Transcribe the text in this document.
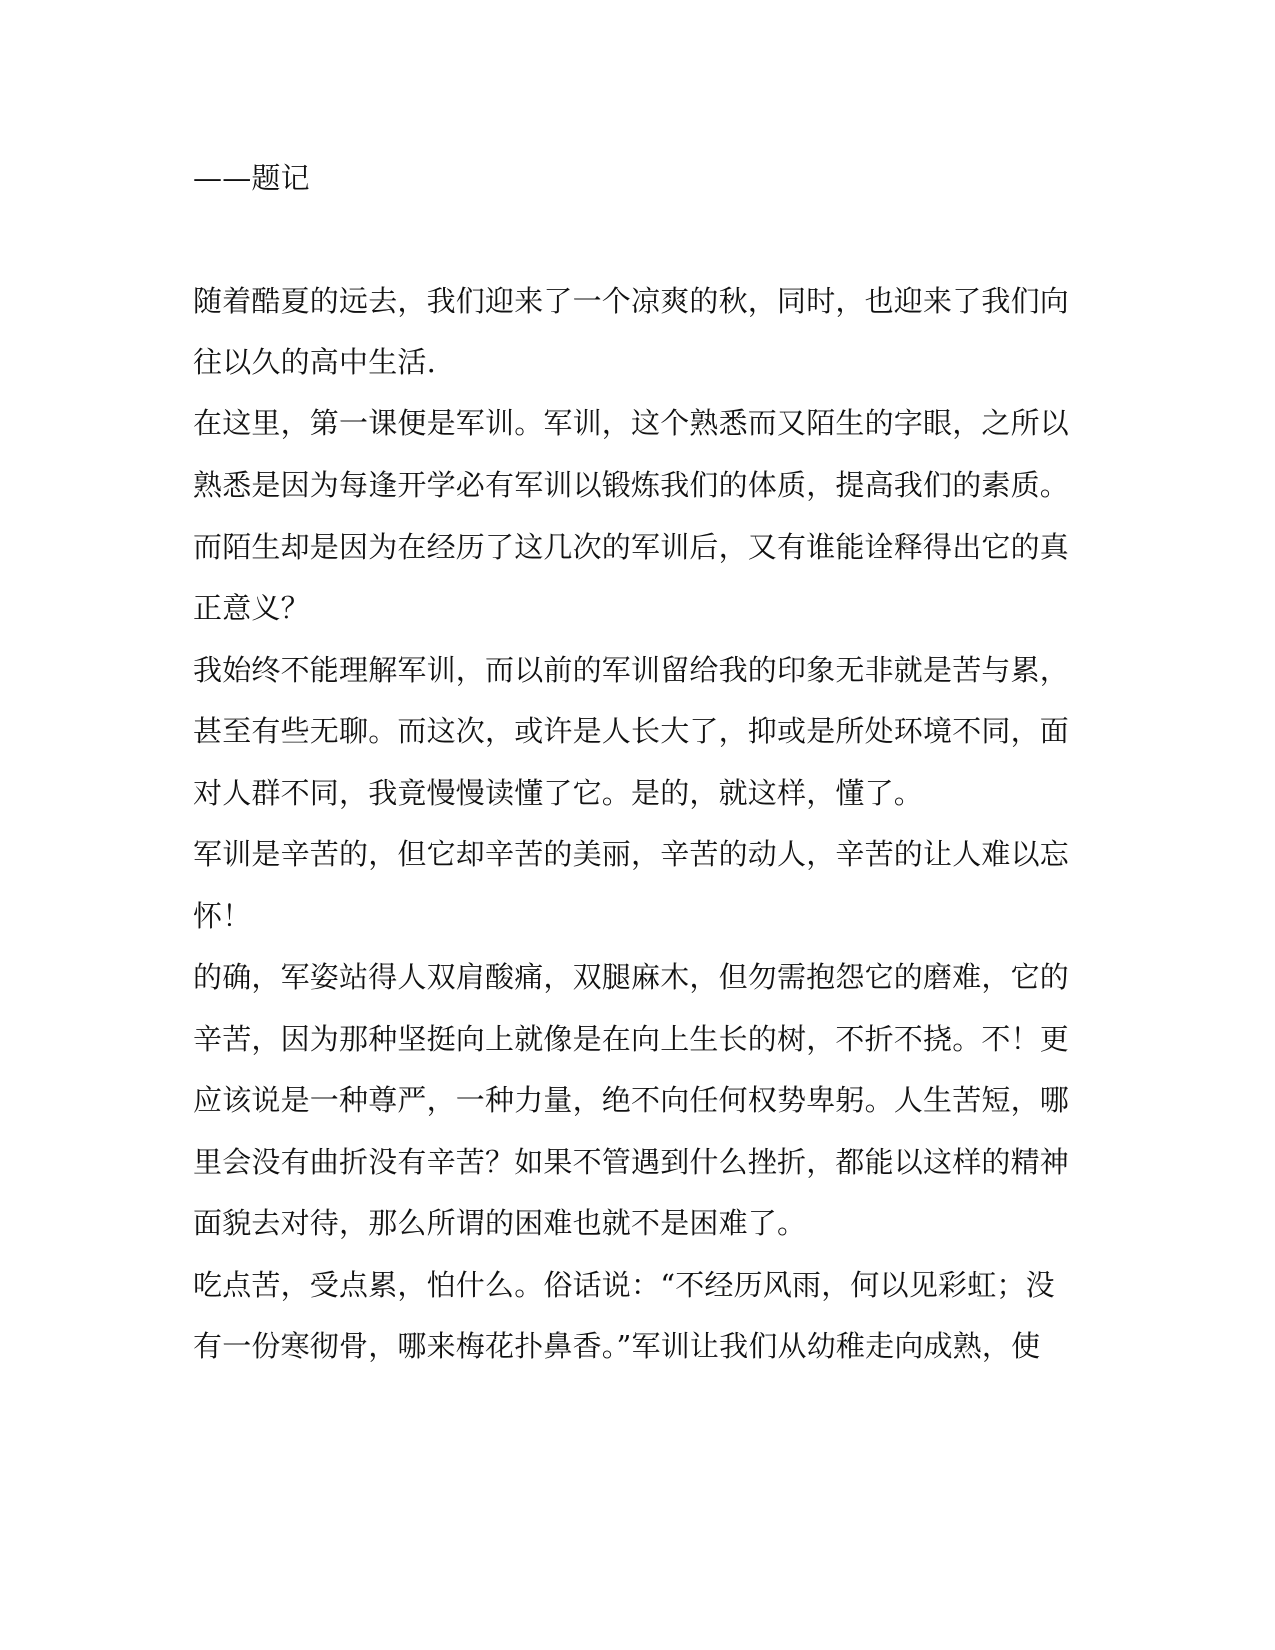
——题记
随着酷夏的远去，我们迎来了一个凉爽的秋，同时，也迎来了我们向
往以久的高中生活.
在这里，第一课便是军训。军训，这个熟悉而又陌生的字眼，之所以
熟悉是因为每逢开学必有军训以锻炼我们的体质，提高我们的素质。
而陌生却是因为在经历了这几次的军训后，又有谁能诠释得出它的真
正意义？
我始终不能理解军训，而以前的军训留给我的印象无非就是苦与累，
甚至有些无聊。而这次，或许是人长大了，抑或是所处环境不同，面
对人群不同，我竟慢慢读懂了它。是的，就这样，懂了。
军训是辛苦的，但它却辛苦的美丽，辛苦的动人，辛苦的让人难以忘
怀！
的确，军姿站得人双肩酸痛，双腿麻木，但勿需抱怨它的磨难，它的
辛苦，因为那种坚挺向上就像是在向上生长的树，不折不挠。不！更
应该说是一种尊严，一种力量，绝不向任何权势卑躬。人生苦短，哪
里会没有曲折没有辛苦？如果不管遇到什么挫折，都能以这样的精神
面貌去对待，那么所谓的困难也就不是困难了。
吃点苦，受点累，怕什么。俗话说：“不经历风雨，何以见彩虹；没
有一份寒彻骨，哪来梅花扑鼻香。”军训让我们从幼稚走向成熟，使
